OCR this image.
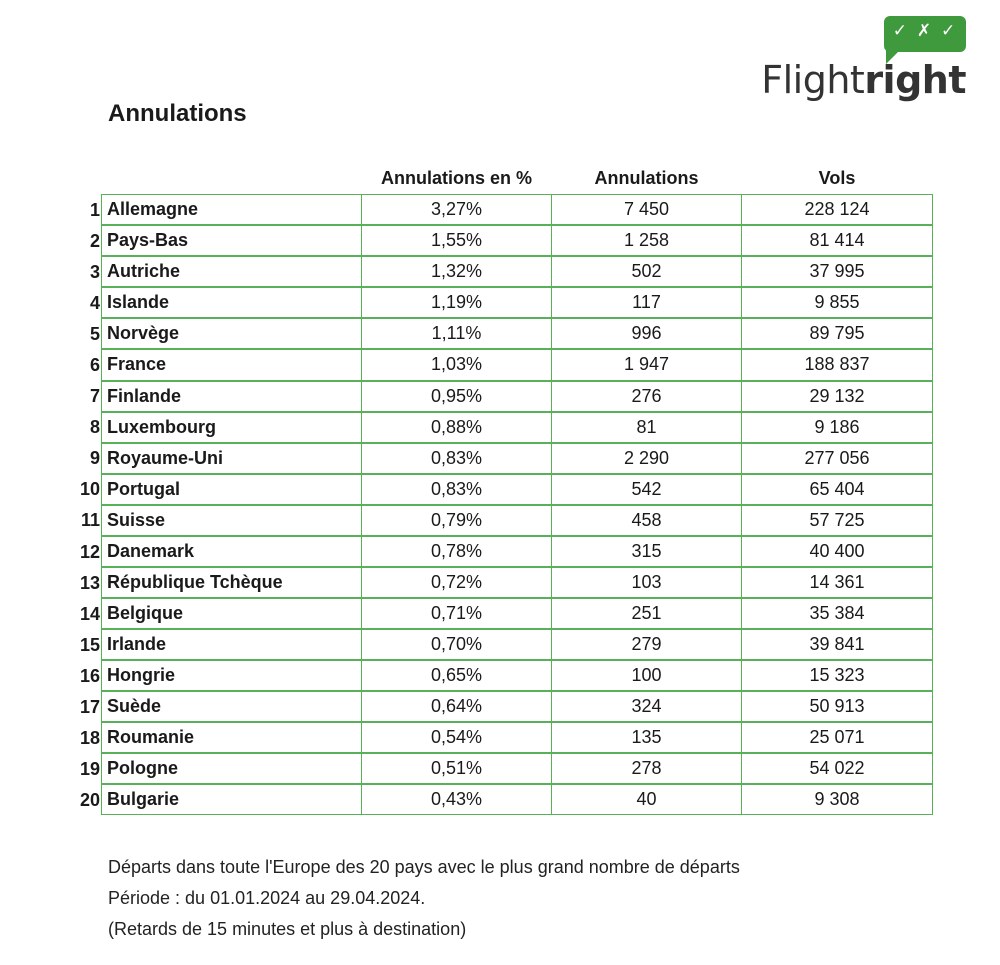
✓ ✗ ✓
Flightright
Annulations
Annulations en %	Annulations	Vols
1 Allemagne	3,27%	7 450	228 124
2 Pays-Bas	1,55%	1 258	81 414
3 Autriche	1,32%	502	37 995
4 Islande	1,19%	117	9 855
5 Norvège	1,11%	996	89 795
6 France	1,03%	1 947	188 837
7 Finlande	0,95%	276	29 132
8 Luxembourg	0,88%	81	9 186
9 Royaume-Uni	0,83%	2 290	277 056
10 Portugal	0,83%	542	65 404
11 Suisse	0,79%	458	57 725
12 Danemark	0,78%	315	40 400
13 République Tchèque	0,72%	103	14 361
14 Belgique	0,71%	251	35 384
15 Irlande	0,70%	279	39 841
16 Hongrie	0,65%	100	15 323
17 Suède	0,64%	324	50 913
18 Roumanie	0,54%	135	25 071
19 Pologne	0,51%	278	54 022
20 Bulgarie	0,43%	40	9 308
Départs dans toute l'Europe des 20 pays avec le plus grand nombre de départs
Période : du 01.01.2024 au 29.04.2024.
(Retards de 15 minutes et plus à destination)
